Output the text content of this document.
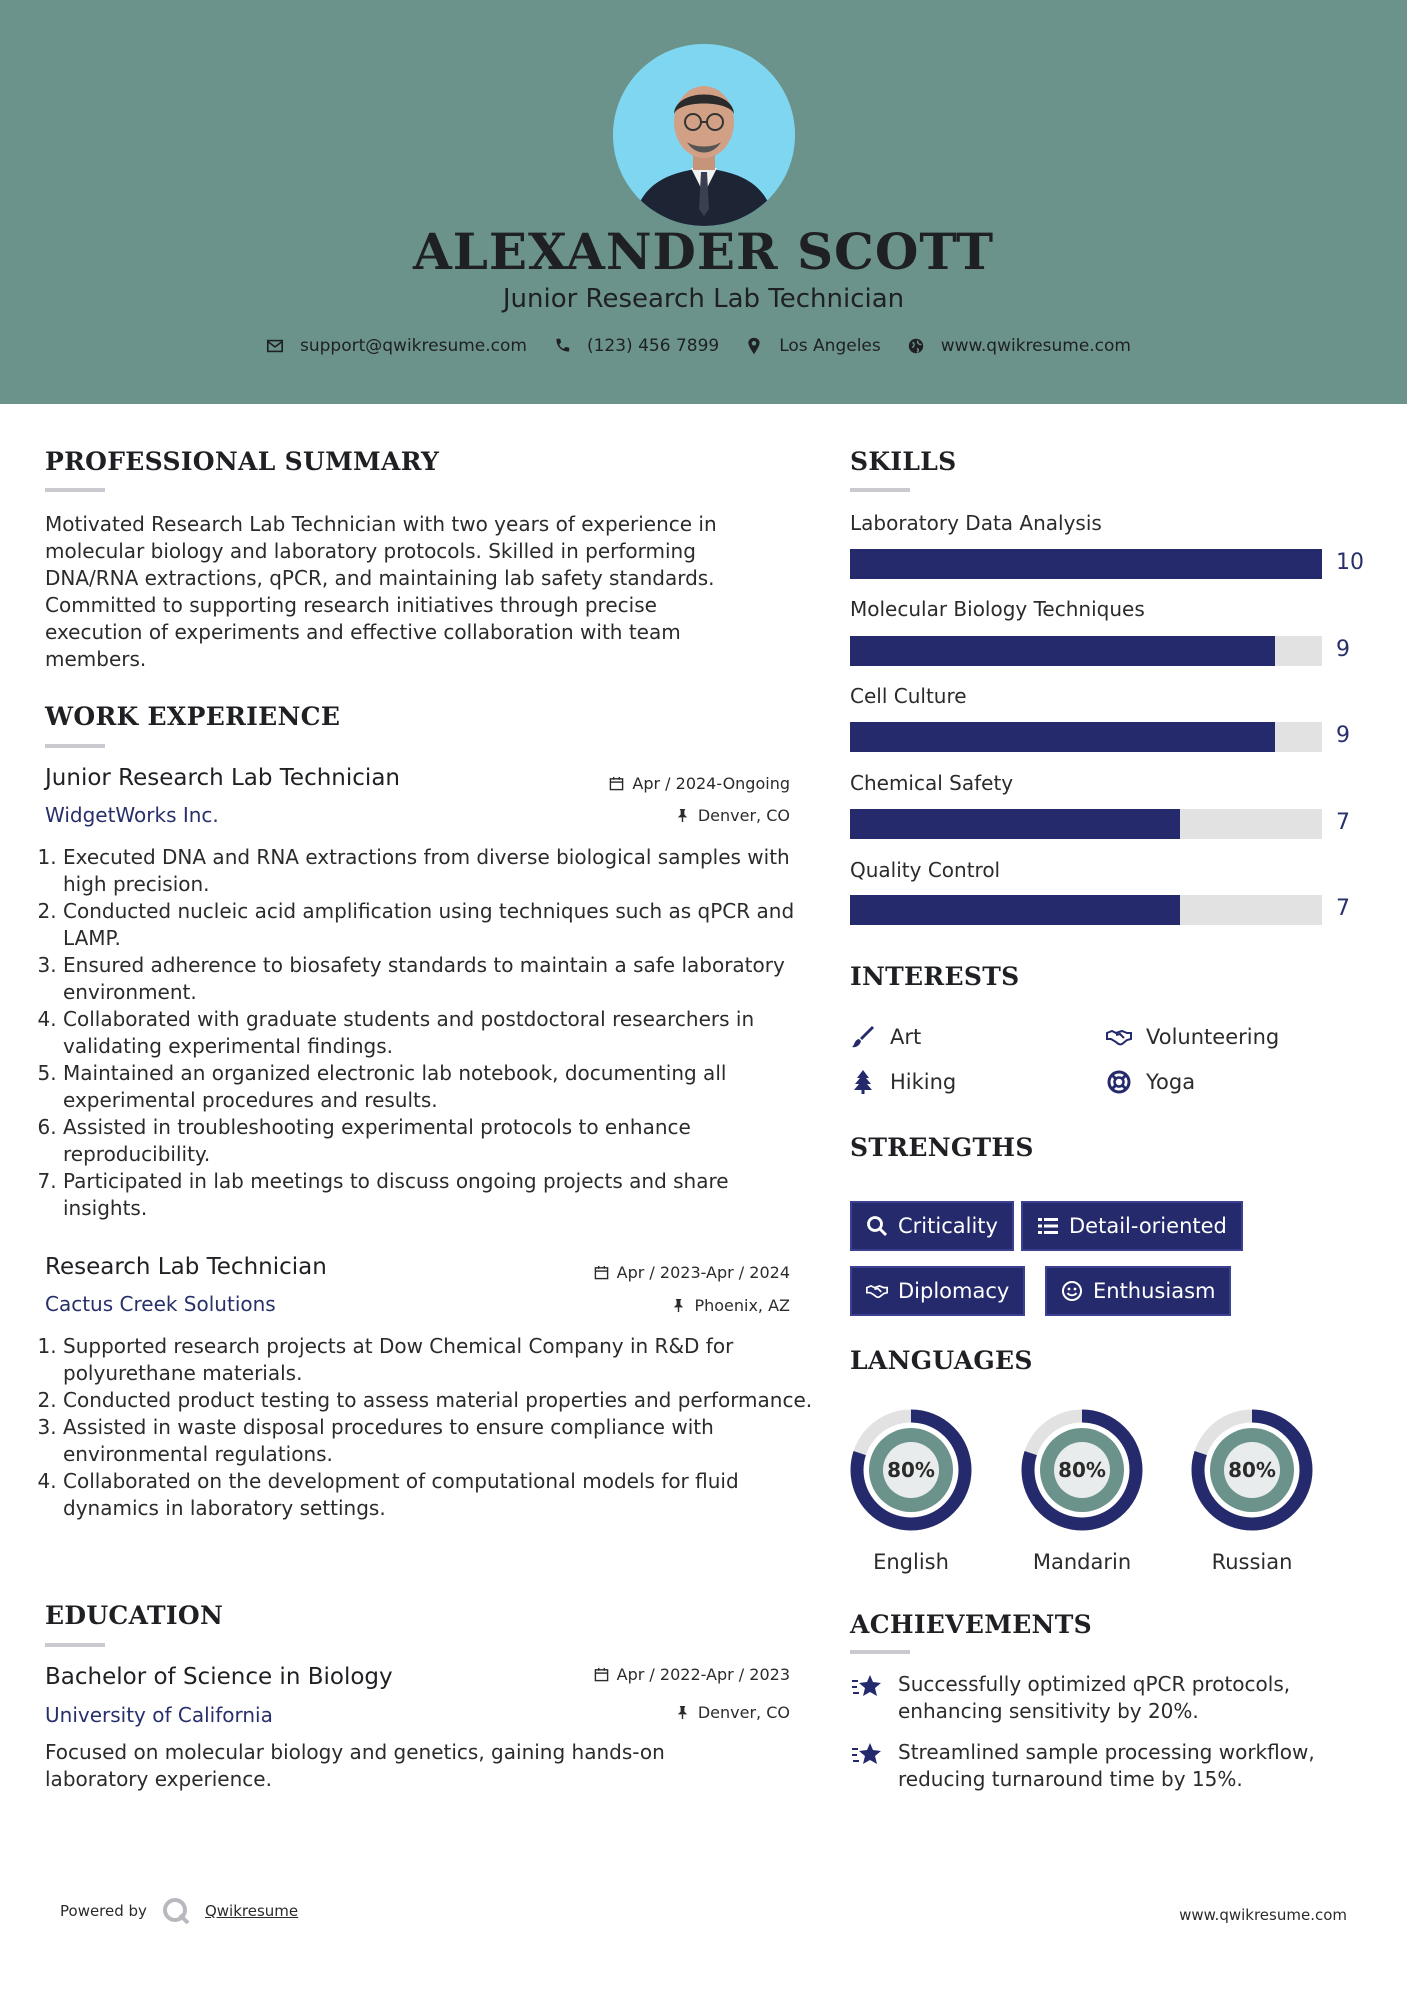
ALEXANDER SCOTT
Junior Research Lab Technician
support@qwikresume.com	(123) 456 7899	Los Angeles	www.qwikresume.com
PROFESSIONAL SUMMARY
Motivated Research Lab Technician with two years of experience in
molecular biology and laboratory protocols. Skilled in performing
DNA/RNA extractions, qPCR, and maintaining lab safety standards.
Committed to supporting research initiatives through precise
execution of experiments and effective collaboration with team
members.
WORK EXPERIENCE
Junior Research Lab Technician	Apr / 2024-Ongoing
WidgetWorks Inc.	Denver, CO
1. Executed DNA and RNA extractions from diverse biological samples with high precision.
2. Conducted nucleic acid amplification using techniques such as qPCR and LAMP.
3. Ensured adherence to biosafety standards to maintain a safe laboratory environment.
4. Collaborated with graduate students and postdoctoral researchers in validating experimental findings.
5. Maintained an organized electronic lab notebook, documenting all experimental procedures and results.
6. Assisted in troubleshooting experimental protocols to enhance reproducibility.
7. Participated in lab meetings to discuss ongoing projects and share insights.
Research Lab Technician	Apr / 2023-Apr / 2024
Cactus Creek Solutions	Phoenix, AZ
1. Supported research projects at Dow Chemical Company in R&D for polyurethane materials.
2. Conducted product testing to assess material properties and performance.
3. Assisted in waste disposal procedures to ensure compliance with environmental regulations.
4. Collaborated on the development of computational models for fluid dynamics in laboratory settings.
EDUCATION
Bachelor of Science in Biology	Apr / 2022-Apr / 2023
University of California	Denver, CO
Focused on molecular biology and genetics, gaining hands-on laboratory experience.
SKILLS
Laboratory Data Analysis
10
Molecular Biology Techniques
9
Cell Culture
9
Chemical Safety
7
Quality Control
7
INTERESTS
Art	Volunteering
Hiking	Yoga
STRENGTHS
Criticality	Detail-oriented
Diplomacy	Enthusiasm
LANGUAGES
80%
English
80%
Mandarin
80%
Russian
ACHIEVEMENTS
Successfully optimized qPCR protocols, enhancing sensitivity by 20%.
Streamlined sample processing workflow, reducing turnaround time by 15%.
Powered by	Qwikresume	www.qwikresume.com
